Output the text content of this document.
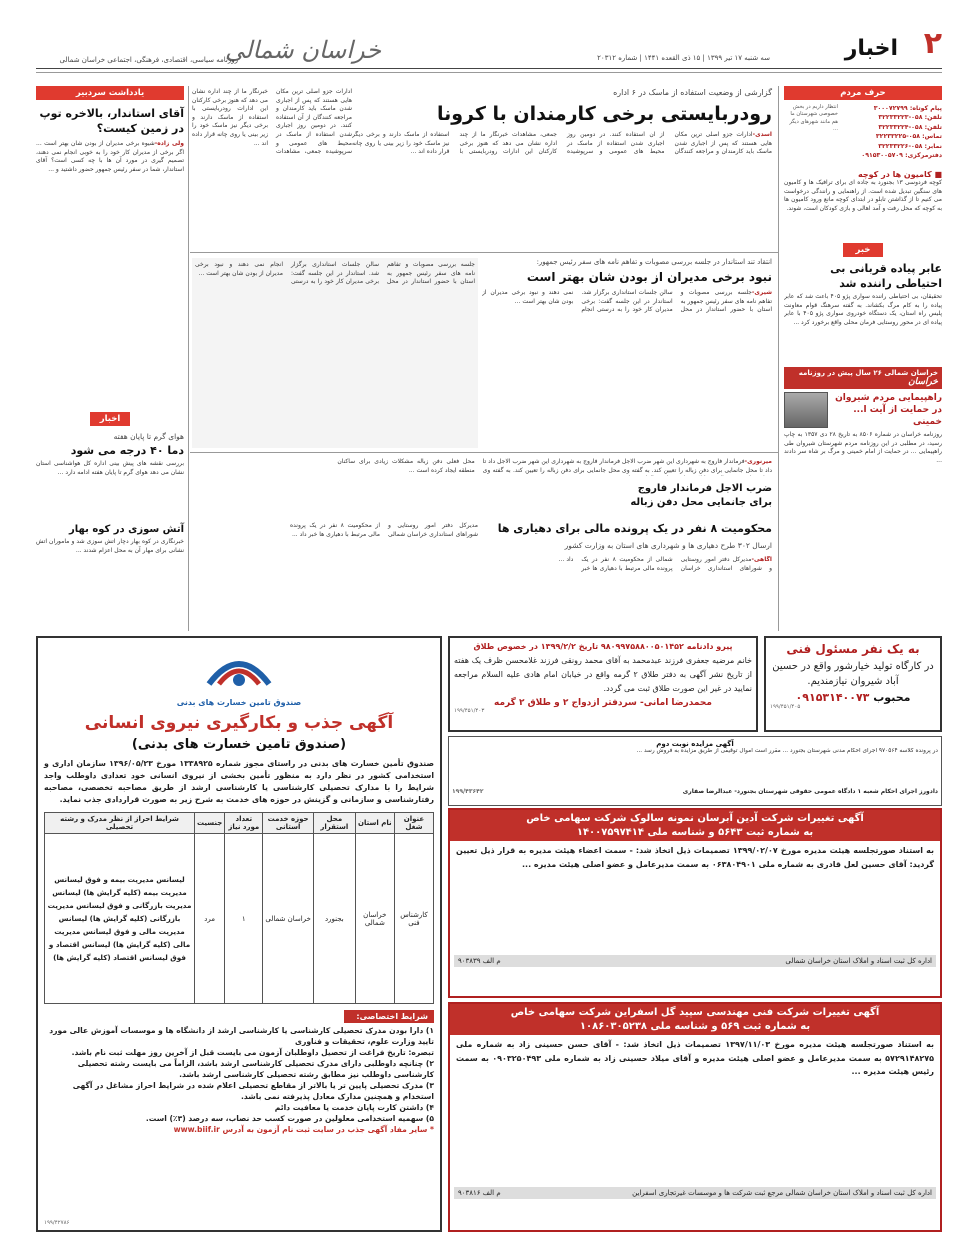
۲
اخبار
سه شنبه ۱۷ تیر ۱۳۹۹ | ۱۵ ذی القعده ۱۴۴۱ | شماره ۲۰۳۱۲
خراسان شمالی
روزنامه سیاسی، اقتصادی، فرهنگی، اجتماعی خراسان شمالی
حرف مردم
پیام کوتاه: ۳۰۰۰۷۲۷۹۹
تلفن: ۰۵۸-۳۲۲۳۳۲۲۳
تلفن: ۰۵۸-۳۲۲۳۳۲۲۴
تماس: ۰۵۸-۳۲۲۳۳۲۲۵
نمابر: ۰۵۸-۳۲۲۳۳۲۲۶
دفترمرکزی: ۰۹۱۵۳۰۰۵۷۰۹
انتظار داریم در بخش خصوصی شهرستان ما هم مانند شهرهای دیگر ...
■ کامیون ها در کوچه
کوچه فردوسی ۱۳ بجنورد به جاده ای برای ترافیک ها و کامیون های سنگین تبدیل شده است. از راهنمایی و رانندگی درخواست می کنیم تا از گذاشتن تابلو در ابتدای کوچه مانع ورود کامیون ها به کوچه که محل رفت و آمد اهالی و بازی کودکان است، شوند.
خبر
عابر پیاده قربانی بی احتیاطی راننده شد
تحقیقان، بی احتیاطی راننده سواری پژو ۴۰۵ باعث شد که عابر پیاده را به کام مرگ بکشاند. به گفته سرهنگ قوام معاونت پلیس راه استان، یک دستگاه خودروی سواری پژو ۴۰۵ با عابر پیاده ای در محور روستایی فرمان محلی واقع برخورد کرد ...
خراسان شمالی ۲۶ سال پیش در روزنامه خراسان
راهپیمایی مردم شیروان در حمایت از آیت ا... خمینی
روزنامه خراسان در شماره ۸۵۰۶ به تاریخ ۲۸ دی ۱۳۵۷ به چاپ رسید، در مطلبی در این روزنامه مردم شهرستان شیروان طی راهپیمایی ... در حمایت از امام خمینی و مرگ بر شاه سر دادند ...
گزارشی از وضعیت استفاده از ماسک در ۶ اداره
رودربایستی برخی کارمندان با کرونا
اسدی-ادارات جزو اصلی ترین مکان هایی هستند که پس از اجباری شدن ماسک باید کارمندان و مراجعه کنندگان از آن استفاده کنند. در دومین روز اجباری شدن استفاده از ماسک در محیط های عمومی و سرپوشیده جمعی، مشاهدات خبرنگار ما از چند اداره نشان می دهد که هنوز برخی کارکنان این ادارات رودربایستی با استفاده از ماسک دارند و برخی دیگر نیز ماسک خود را زیر بینی یا روی چانه قرار داده اند ...
ادارات جزو اصلی ترین مکان هایی هستند که پس از اجباری شدن ماسک باید کارمندان و مراجعه کنندگان از آن استفاده کنند. در دومین روز اجباری شدن استفاده از ماسک در محیط های عمومی و سرپوشیده جمعی، مشاهدات خبرنگار ما از چند اداره نشان می دهد که هنوز برخی کارکنان این ادارات رودربایستی با استفاده از ماسک دارند و برخی دیگر نیز ماسک خود را زیر بینی یا روی چانه قرار داده اند ...
انتقاد تند استاندار در جلسه بررسی مصوبات و تفاهم نامه های سفر رئیس جمهور:
نبود برخی مدیران از بودن شان بهتر است
شیری-جلسه بررسی مصوبات و تفاهم نامه های سفر رئیس جمهور به استان با حضور استاندار در محل سالن جلسات استانداری برگزار شد. استاندار در این جلسه گفت: برخی مدیران کار خود را به درستی انجام نمی دهند و نبود برخی مدیران از بودن شان بهتر است ...
جلسه بررسی مصوبات و تفاهم نامه های سفر رئیس جمهور به استان با حضور استاندار در محل سالن جلسات استانداری برگزار شد. استاندار در این جلسه گفت: برخی مدیران کار خود را به درستی انجام نمی دهند و نبود برخی مدیران از بودن شان بهتر است ...
میرنوری-فرماندار فاروج به شهرداری این شهر ضرب الاجل داد تا محل جانمایی برای دفن زباله را تعیین کند. به گفته وی
ضرب الاجل فرماندار فاروج برای جانمایی محل دفن زباله
فرماندار فاروج به شهرداری این شهر ضرب الاجل داد تا محل جانمایی برای دفن زباله را تعیین کند. به گفته وی محل فعلی دفن زباله مشکلات زیادی برای ساکنان منطقه ایجاد کرده است ...
محکومیت ۸ نفر در یک پرونده مالی برای دهیاری ها
ارسال ۳۰۲ طرح دهیاری ها و شهرداری های استان به وزارت کشور
آگاهی-مدیرکل دفتر امور روستایی و شوراهای استانداری خراسان شمالی از محکومیت ۸ نفر در یک پرونده مالی مرتبط با دهیاری ها خبر داد ...
مدیرکل دفتر امور روستایی و شوراهای استانداری خراسان شمالی از محکومیت ۸ نفر در یک پرونده مالی مرتبط با دهیاری ها خبر داد ...
یادداشت سردبیر
آقای استاندار، بالاخره توپ در زمین کیست؟
ولی زاده-شیوه برخی مدیران از بودن شان بهتر است ... اگر برخی از مدیران کار خود را به خوبی انجام نمی دهند، تصمیم گیری در مورد آن ها با چه کسی است؟ آقای استاندار، شما در سفر رئیس جمهور حضور داشتید و ...
اخبار
هوای گرم تا پایان هفته
دما ۴۰ درجه می شود
بررسی نقشه های پیش بینی اداره کل هواشناسی استان نشان می دهد هوای گرم تا پایان هفته ادامه دارد ...
آتش سوزی در کوه بهار
خبرنگاری در کوه بهار دچار آتش سوزی شد و ماموران آتش نشانی برای مهار آن به محل اعزام شدند ...
به یک نفر مسئول فنی
در کارگاه تولید خیارشور واقع در حسین آباد شیروان نیازمندیم.
محبوب ۰۹۱۵۳۱۴۰۰۷۳
۱۹۹/۴۵۱/۴۰۵
پیرو دادنامه ۹۸۰۹۹۷۵۸۸۰۰۵۰۱۴۵۲ تاریخ ۱۳۹۹/۲/۲ در خصوص طلاق
خانم مرضیه جعفری فرزند عبدمحمد به آقای محمد رونقی فرزند غلامحسن ظرف یک هفته از تاریخ نشر آگهی به دفتر طلاق ۲ گرمه واقع در خیابان امام هادی علیه السلام مراجعه نمایید در غیر این صورت طلاق ثبت می گردد.
محمدرضا امانی- سردفتر ازدواج ۲ و طلاق ۲ گرمه
۱۹۹/۴۵۱/۴۰۳
آگهی مزایده نوبت دوم
در پرونده کلاسه ۹۷۰۵۶۴ اجرای احکام مدنی شهرستان بجنورد ... مقرر است اموال توقیفی از طریق مزایده به فروش رسد ...
دادورز اجرای احکام شعبه ۱ دادگاه عمومی حقوقی شهرستان بجنورد- عبدالرضا صفاری
۱۹۹/۴۳۶۴۲
آگهی تغییرات شرکت آدین آبرسان نمونه سالوک شرکت سهامی خاص
به شماره ثبت ۵۶۴۳ و شناسه ملی ۱۴۰۰۷۵۹۷۴۱۴
به استناد صورتجلسه هیئت مدیره مورخ ۱۳۹۹/۰۲/۰۷ تصمیمات ذیل اتخاذ شد: - سمت اعضاء هیئت مدیره به قرار ذیل تعیین گردید: آقای حسین لعل قادری به شماره ملی ۰۶۳۸۰۴۹۰۱ به سمت مدیرعامل و عضو اصلی هیئت مدیره ...
اداره کل ثبت اسناد و املاک استان خراسان شمالی
م الف ۹۰۳۸۳۹
آگهی تغییرات شرکت فنی مهندسی سپید گل اسفراین شرکت سهامی خاص
به شماره ثبت ۵۶۹ و شناسه ملی ۱۰۸۶۰۳۰۵۲۳۸
به استناد صورتجلسه هیئت مدیره مورخ ۱۳۹۷/۱۱/۰۳ تصمیمات ذیل اتخاذ شد: - آقای حسن حسینی زاد به شماره ملی ۵۷۲۹۱۴۸۲۷۵ به سمت مدیرعامل و عضو اصلی هیئت مدیره و آقای میلاد حسینی زاد به شماره ملی ۰۹۰۳۲۵۰۴۹۳ به سمت رئیس هیئت مدیره ...
اداره کل ثبت اسناد و املاک استان خراسان شمالی مرجع ثبت شرکت ها و موسسات غیرتجاری اسفراین
م الف ۹۰۳۸۱۶
صندوق تامین خسارت های بدنی
آگهی جذب و بکارگیری نیروی انسانی
(صندوق تامین خسارت های بدنی)
صندوق تأمین خسارت های بدنی در راستای مجوز شماره ۱۳۳۸۹۲۵ مورخ ۱۳۹۶/۰۵/۲۳ سازمان اداری و استخدامی کشور در نظر دارد به منظور تأمین بخشی از نیروی انسانی خود تعدادی داوطلب واجد شرایط را با مدارک تحصیلی کارشناسی یا کارشناسی ارشد از طریق مصاحبه تخصصی، مصاحبه رفتارشناسی و سازمانی و گزینش در حوزه های خدمت به شرح زیر به صورت قراردادی جذب نماید.
عنوان شغل	نام استان	محل استقرار	حوزه خدمت استانی	تعداد مورد نیاز	جنسیت	شرایط احراز از نظر مدرک و رشته تحصیلی
کارشناس فنی	خراسان شمالی	بجنورد	خراسان شمالی	۱	مرد	لیسانس مدیریت بیمه و فوق لیسانس مدیریت بیمه (کلیه گرایش ها) لیسانس مدیریت بازرگانی و فوق لیسانس مدیریت بازرگانی (کلیه گرایش ها) لیسانس مدیریت مالی و فوق لیسانس مدیریت مالی (کلیه گرایش ها) لیسانس اقتصاد و فوق لیسانس اقتصاد (کلیه گرایش ها)
شرایط اختصاصی:
۱) دارا بودن مدرک تحصیلی کارشناسی یا کارشناسی ارشد از دانشگاه ها و موسسات آموزش عالی مورد تایید وزارت علوم، تحقیقات و فناوری
تبصره: تاریخ فراغت از تحصیل داوطلبان آزمون می بایست قبل از آخرین روز مهلت ثبت نام باشد.
۲) چنانچه داوطلبی دارای مدرک تحصیلی کارشناسی ارشد باشد، الزاماً می بایست رشته تحصیلی کارشناسی داوطلب نیز مطابق رشته تحصیلی کارشناسی ارشد باشد.
۳) مدرک تحصیلی پایین تر یا بالاتر از مقاطع تحصیلی اعلام شده در شرایط احراز مشاغل در آگهی استخدام و همچنین مدارک معادل پذیرفته نمی باشد.
۴) داشتن کارت پایان خدمت یا معافیت دائم
۵) سهمیه استخدامی معلولین در صورت کسب حد نصاب، سه درصد (۳٪) است.
* سایر مفاد آگهی جذب در سایت ثبت نام آزمون به آدرس www.biif.ir
۱۹۹/۴۲۷۸۶
